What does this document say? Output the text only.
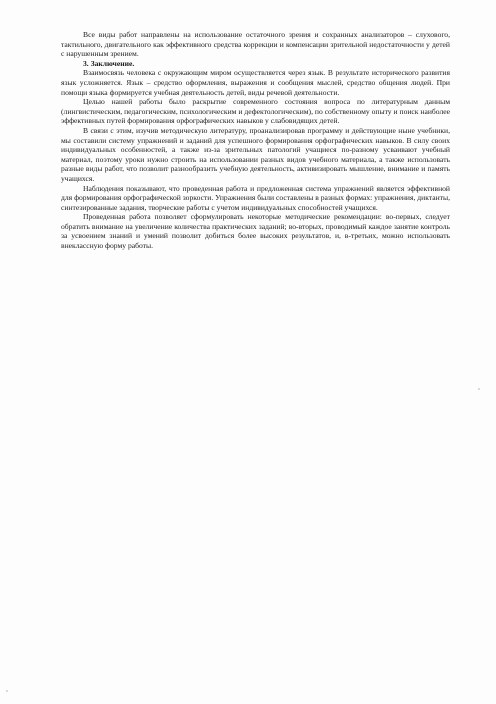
Все виды работ направлены на использование остаточного зрения и сохранных анализаторов – слухового, тактильного, двигательного как эффективного средства коррекции и компенсации зрительной недостаточности у детей с нарушенным зрением.

3. Заключение.

Взаимосвязь человека с окружающим миром осуществляется через язык. В результате исторического развития язык усложняется. Язык – средство оформления, выражения и сообщения мыслей, средство общения людей. При помощи языка формируется учебная деятельность детей, виды речевой деятельности.

Целью нашей работы было раскрытие современного состояния вопроса по литературным данным (лингвистическим, педагогическим, психологическим и дефектологическим), по собственному опыту и поиск наиболее эффективных путей формирования орфографических навыков у слабовидящих детей.

В связи с этим, изучив методическую литературу, проанализировав программу и действующие ныне учебники, мы составили систему упражнений и заданий для успешного формирования орфографических навыков. В силу своих индивидуальных особенностей, а также из-за зрительных патологий учащиеся по-разному усваивают учебный материал, поэтому уроки нужно строить на использовании разных видов учебного материала, а также использовать разные виды работ, что позволит разнообразить учебную деятельность, активизировать мышление, внимание и память учащихся.

Наблюдения показывают, что проведенная работа и предложенная система упражнений является эффективной для формирования орфографической зоркости. Упражнения были составлены в разных формах: упражнения, диктанты, синтезированные задания, творческие работы с учетом индивидуальных способностей учащихся.

Проведенная работа позволяет сформулировать некоторые методические рекомендации: во-первых, следует обратить внимание на увеличение количества практических заданий; во-вторых, проводимый каждое занятие контроль за усвоением знаний и умений позволит добиться более высоких результатов, и, в-третьих, можно использовать внеклассную форму работы.
